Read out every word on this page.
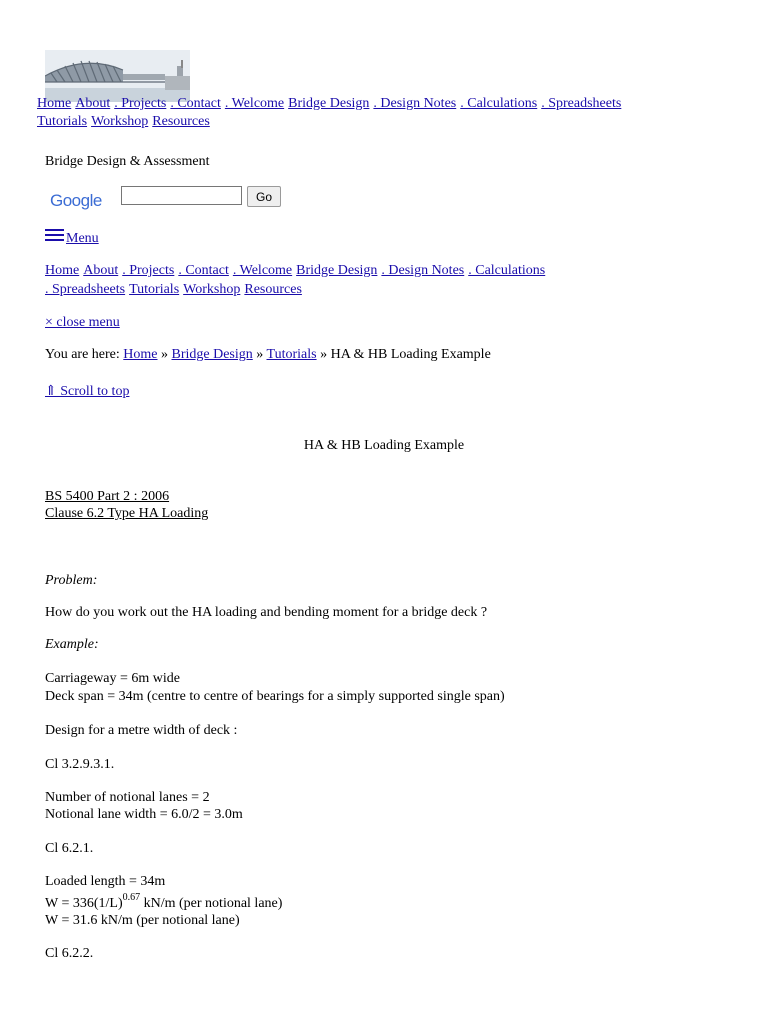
Home About . Projects . Contact . Welcome Bridge Design . Design Notes . Calculations . Spreadsheets
Tutorials Workshop Resources
Bridge Design & Assessment
Google	Go
Menu
Home About . Projects . Contact . Welcome Bridge Design . Design Notes . Calculations
. Spreadsheets Tutorials Workshop Resources
× close menu
You are here: Home » Bridge Design » Tutorials » HA & HB Loading Example
⇑ Scroll to top
HA & HB Loading Example
BS 5400 Part 2 : 2006
Clause 6.2 Type HA Loading
Problem:
How do you work out the HA loading and bending moment for a bridge deck ?
Example:
Carriageway = 6m wide
Deck span = 34m (centre to centre of bearings for a simply supported single span)
Design for a metre width of deck :
Cl 3.2.9.3.1.
Number of notional lanes = 2
Notional lane width = 6.0/2 = 3.0m
Cl 6.2.1.
Loaded length = 34m
$W = 336(1/L)^{0.67}$ kN/m (per notional lane)
W = 31.6 kN/m (per notional lane)
Cl 6.2.2.
